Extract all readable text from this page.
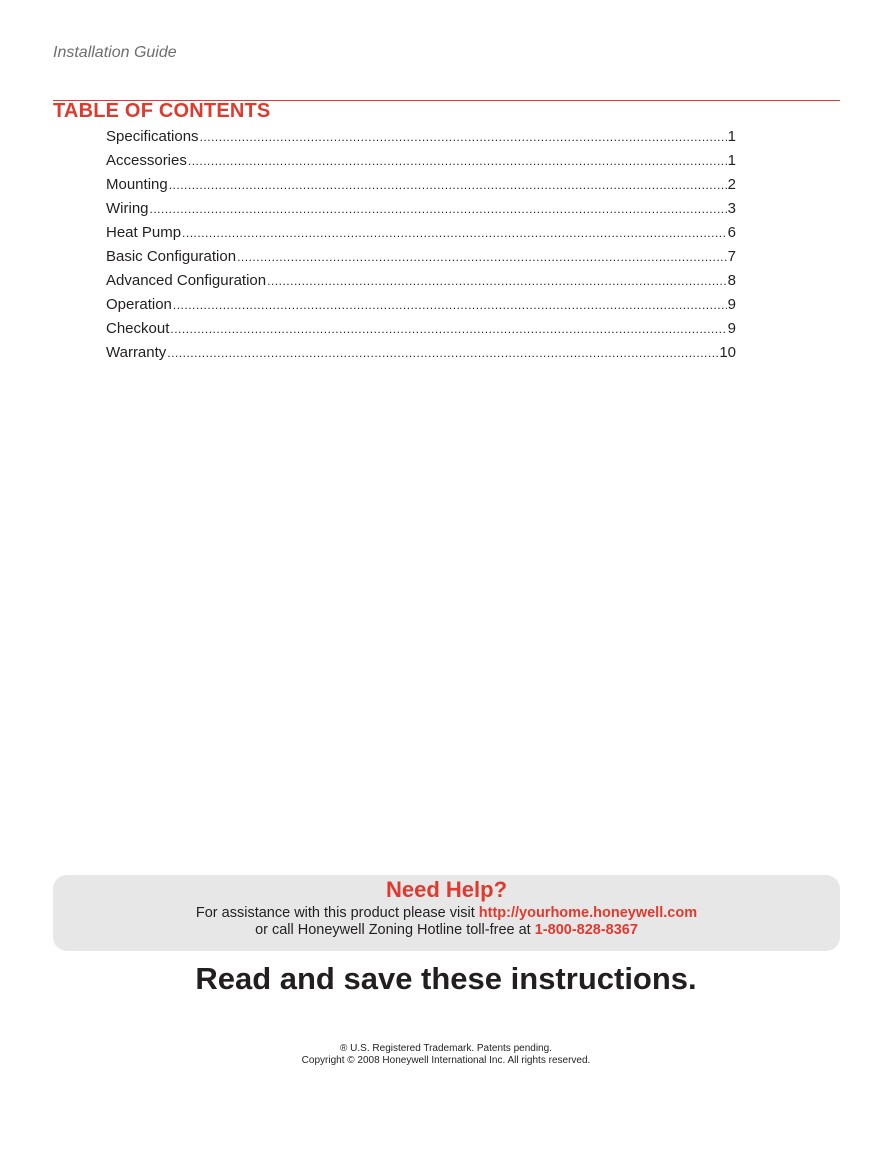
Installation Guide
TABLE OF CONTENTS
Specifications .....	1
Accessories .....	1
Mounting .....	2
Wiring .....	3
Heat Pump .....	6
Basic Configuration .....	7
Advanced Configuration .....	8
Operation .....	9
Checkout .....	9
Warranty .....	10
Need Help?
For assistance with this product please visit http://yourhome.honeywell.com
or call Honeywell Zoning Hotline toll-free at 1-800-828-8367
Read and save these instructions.
® U.S. Registered Trademark. Patents pending.
Copyright © 2008 Honeywell International Inc. All rights reserved.
